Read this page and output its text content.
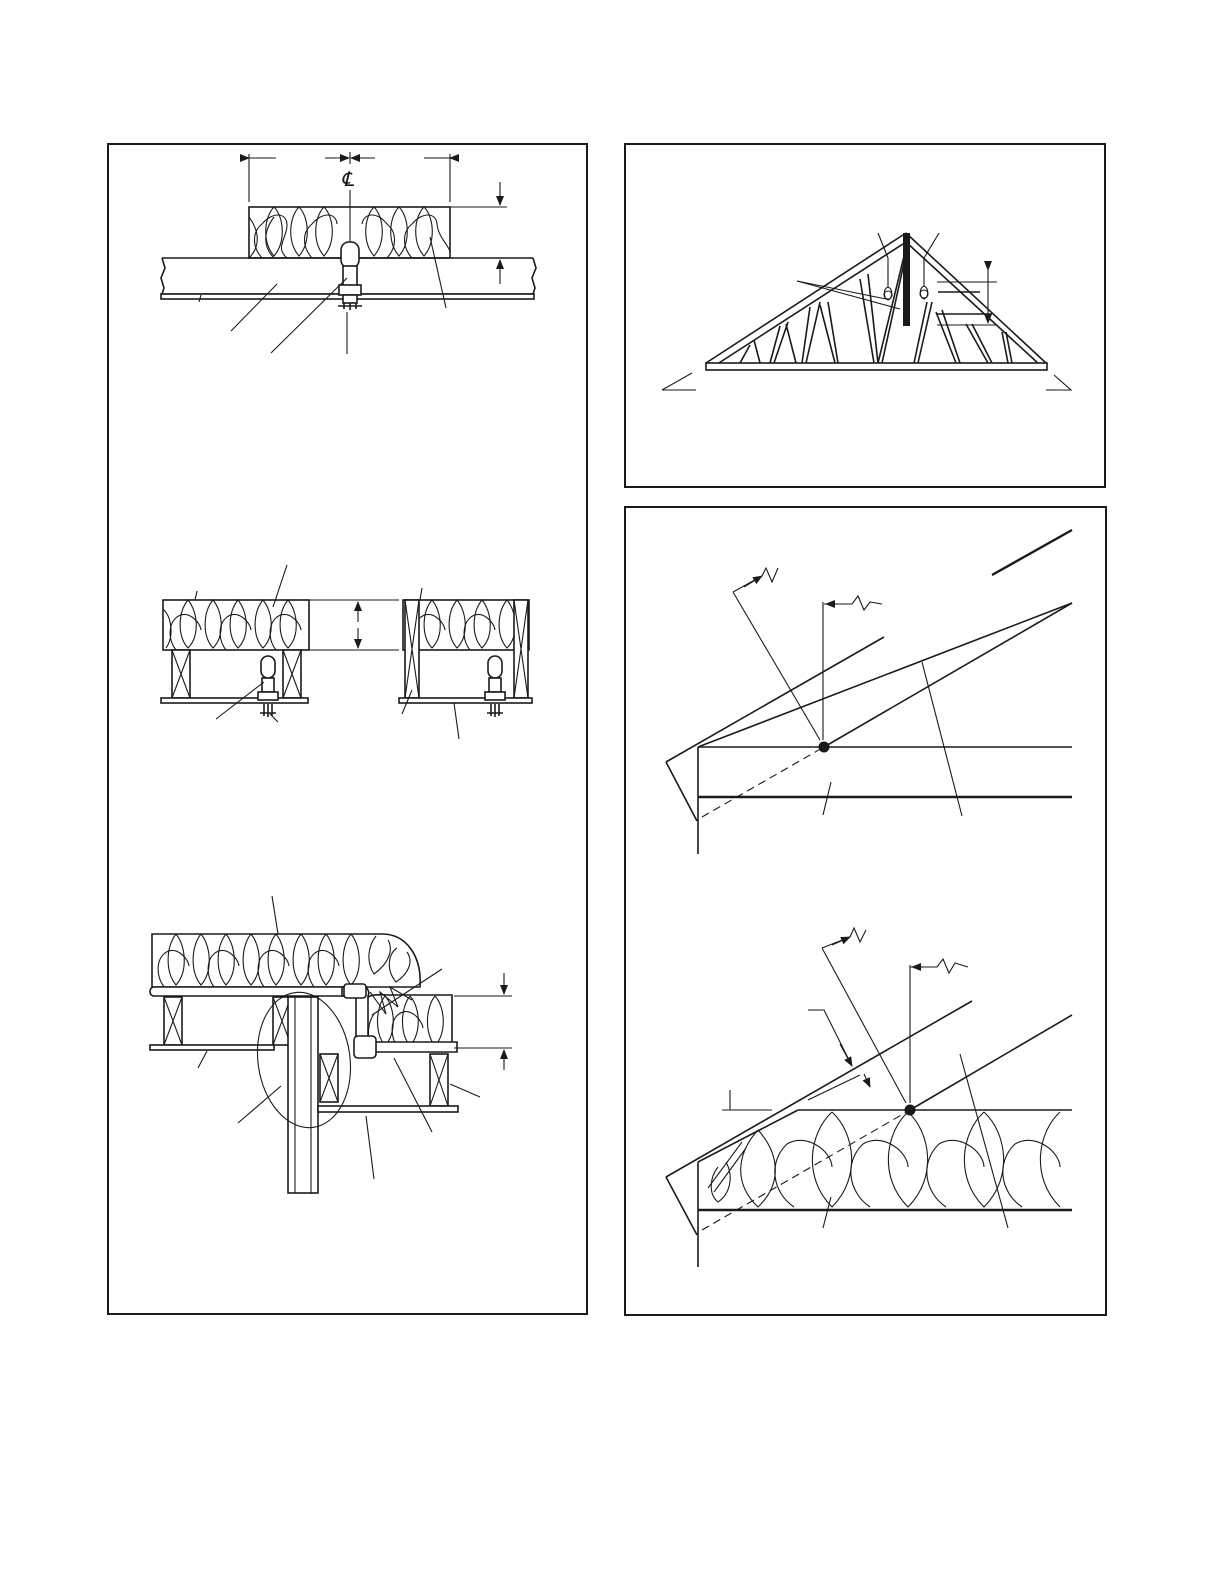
℄
